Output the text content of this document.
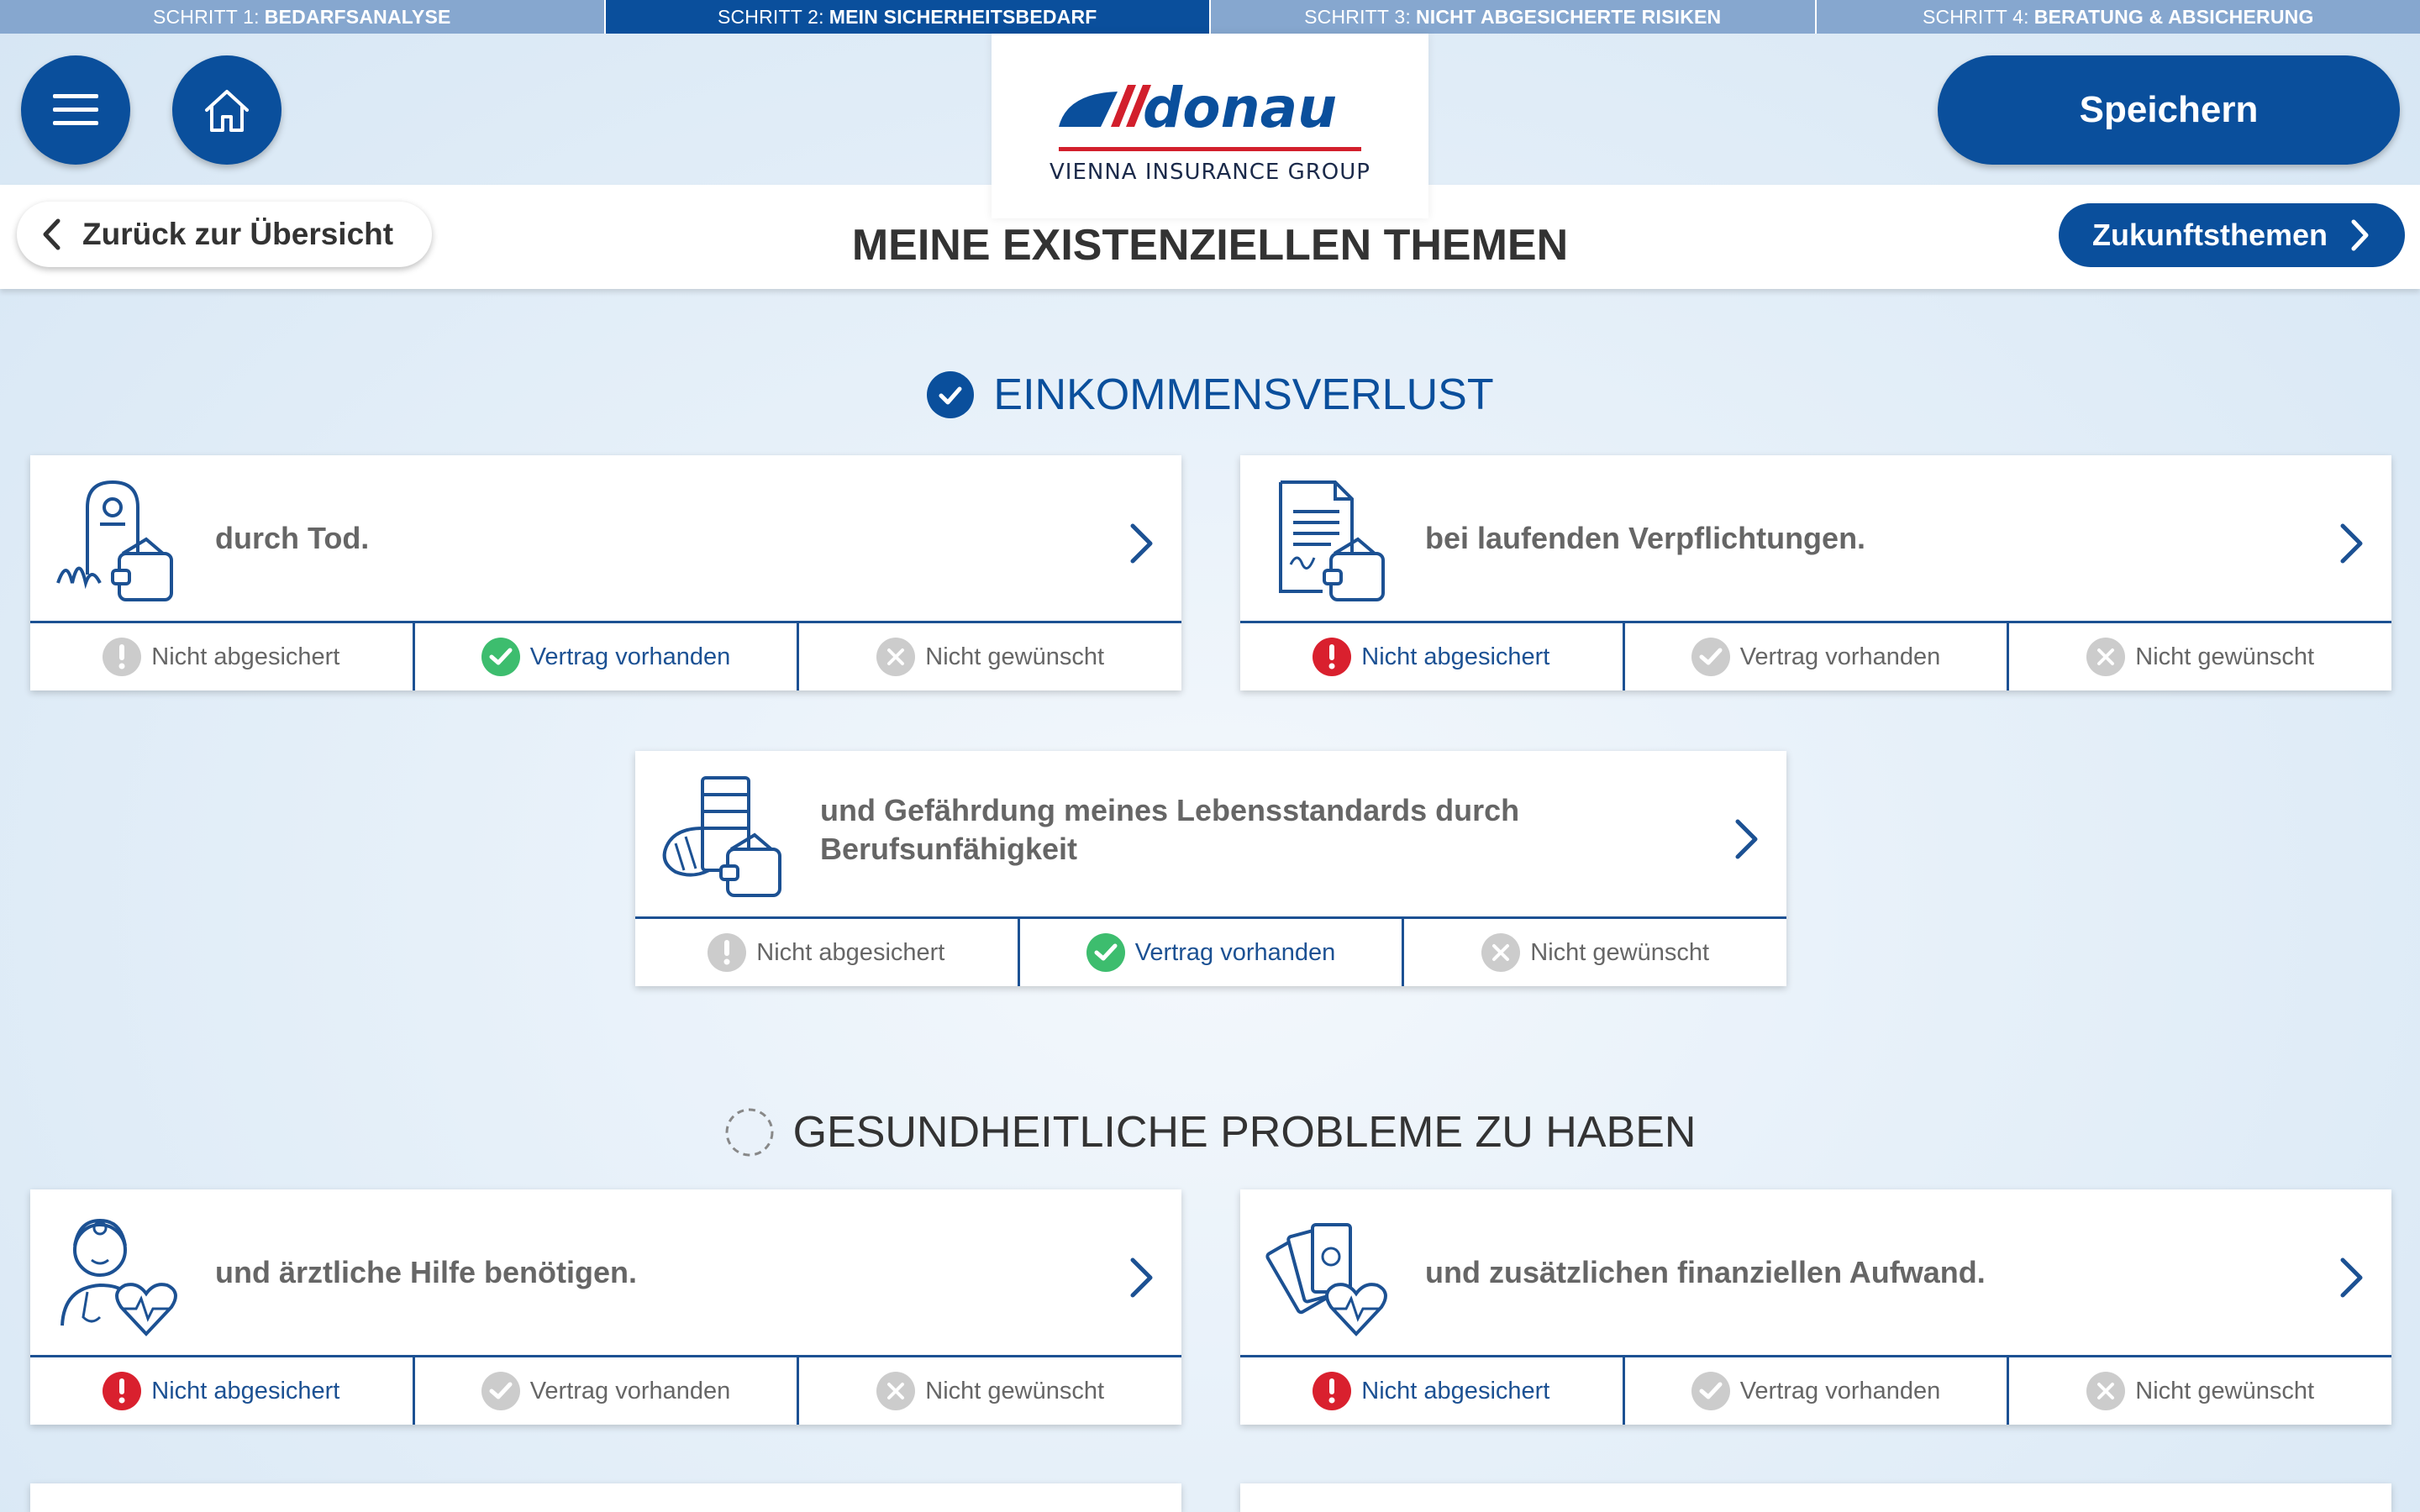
SCHRITT 1: BEDARFSANALYSE	SCHRITT 2: MEIN SICHERHEITSBEDARF	SCHRITT 3: NICHT ABGESICHERTE RISIKEN	SCHRITT 4: BERATUNG & ABSICHERUNG
Speichern
donau
VIENNA INSURANCE GROUP
Zurück zur Übersicht	MEINE EXISTENZIELLEN THEMEN	Zukunftsthemen
EINKOMMENSVERLUST
durch Tod.
Nicht abgesichert	Vertrag vorhanden	Nicht gewünscht
bei laufenden Verpflichtungen.
Nicht abgesichert	Vertrag vorhanden	Nicht gewünscht
und Gefährdung meines Lebensstandards durch
Berufsunfähigkeit
Nicht abgesichert	Vertrag vorhanden	Nicht gewünscht
GESUNDHEITLICHE PROBLEME ZU HABEN
und ärztliche Hilfe benötigen.
Nicht abgesichert	Vertrag vorhanden	Nicht gewünscht
und zusätzlichen finanziellen Aufwand.
Nicht abgesichert	Vertrag vorhanden	Nicht gewünscht
